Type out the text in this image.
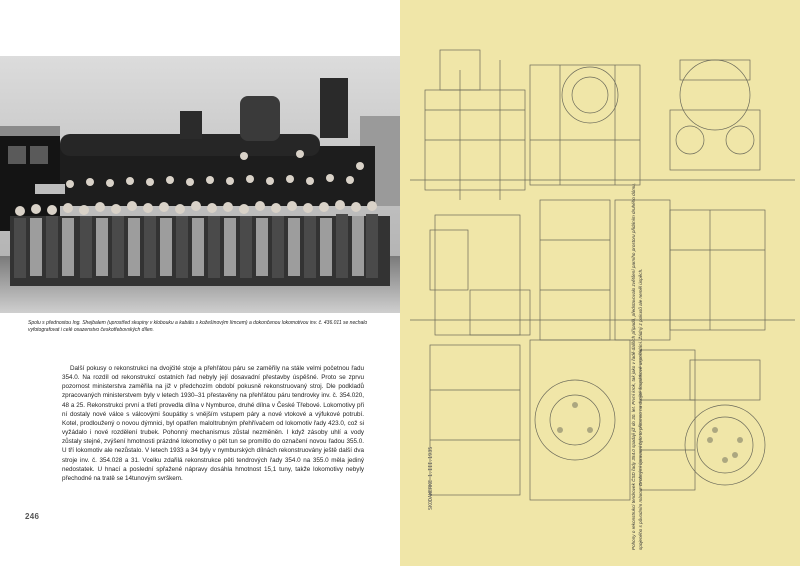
Spolu s přednostou Ing. Shejbalem (uprostřed skupiny v klobouku a kabátu s kožešinovým límcem) a dokončenou lokomotivou inv. č. 436.011 se nechalo vyfotografovat i celé osazenstvo českotřebovských dílen.
Další pokusy o rekonstrukci na dvojčité stoje a přehřátou páru se zaměřily na stále velmi početnou řadu 354.0. Na rozdíl od rekonstrukcí ostatních řad nebyly její dosavadní přestavby úspěšné. Proto se zprvu pozornost ministerstva zaměřila na již v předchozím období pokusně rekonstruovaný stroj. Dle podkladů zpracovaných ministerstvem byly v letech 1930–31 přestavěny na přehřátou páru tendrovky inv. č. 354.020, 48 a 25. Rekonstrukci první a třetí provedla dílna v Nymburce, druhé dílna v České Třebové. Lokomotivy při ní dostaly nové válce s válcovými šoupátky s vnějším vstupem páry a nové vtokové a výfukové potrubí. Kotel, prodloužený o novou dýmnici, byl opatřen maloltrubným přehřívačem od lokomotiv řady 423.0, což si vyžádalo i nové rozdělení trubek. Pohonný mechanismus zůstal nezměněn. I když zásoby uhlí a vody zůstaly stejné, zvýšení hmotnosti prázdné lokomotivy o pět tun se promítlo do označení novou řadou 355.0. U tří lokomotiv ale nezůstalo. V letech 1933 a 34 byly v nymburských dílnách rekonstruovány ještě další dva stroje inv. č. 354.028 a 31. Vcelku zdařilá rekonstrukce pěti tendrových řady 354.0 na 355.0 měla jediný nedostatek. U hnací a poslední spřažené nápravy dosáhla hmotnost 15,1 tuny, takže lokomotivy nebyly přechodné na tratě se 14tunovým svrškem.
246
SKODAWERKE 1.III.1935	Pohony o rekonstrukci tendrovek ČSD řady 354.0 spadají již do 30. let. První krok, tak jako v řadě dalších případů, představovalo zvětšení parního prostoru přidáním druhého dómu, spojeného s pôvodním mlarou. Drobnými úpravami bylo to přitomno na dvojité šoupátkové uspořádání. Žádný z pokusů ale neměl úspěch.
